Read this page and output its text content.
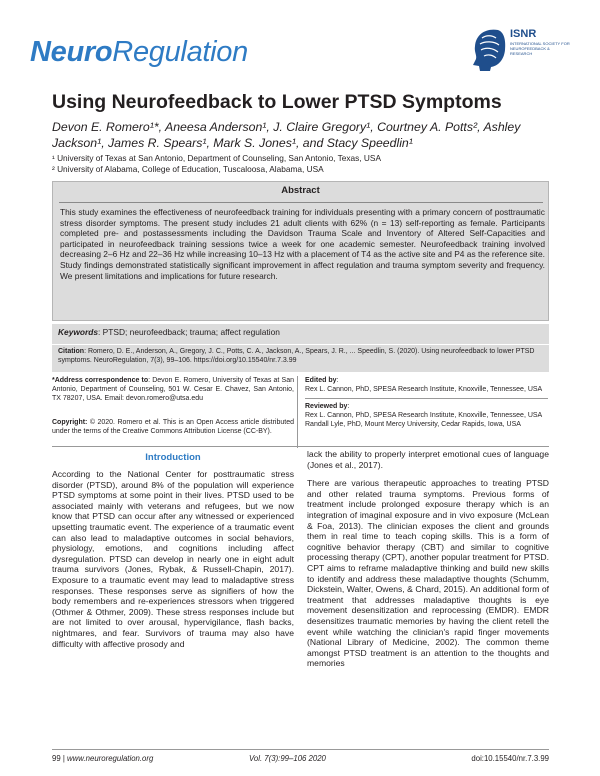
NeuroRegulation
ISNR
INTERNATIONAL SOCIETY FOR NEUROFEEDBACK & RESEARCH
Using Neurofeedback to Lower PTSD Symptoms
Devon E. Romero¹*, Aneesa Anderson¹, J. Claire Gregory¹, Courtney A. Potts², Ashley
Jackson¹, James R. Spears¹, Mark S. Jones¹, and Stacy Speedlin¹
¹ University of Texas at San Antonio, Department of Counseling, San Antonio, Texas, USA
² University of Alabama, College of Education, Tuscaloosa, Alabama, USA
Abstract
This study examines the effectiveness of neurofeedback training for individuals presenting with a primary concern of posttraumatic stress disorder symptoms. The present study includes 21 adult clients with 62% (n = 13) self-reporting as female. Participants completed pre- and postassessments including the Davidson Trauma Scale and Inventory of Altered Self-Capacities and participated in neurofeedback training sessions twice a week for one academic semester. Neurofeedback training involved decreasing 2–6 Hz and 22–36 Hz while increasing 10–13 Hz with a placement of T4 as the active site and P4 as the reference site. Study findings demonstrated statistically significant improvement in affect regulation and trauma symptom severity and frequency. We present limitations and implications for future research.
Keywords: PTSD; neurofeedback; trauma; affect regulation
Citation: Romero, D. E., Anderson, A., Gregory, J. C., Potts, C. A., Jackson, A., Spears, J. R., ... Speedlin, S. (2020). Using neurofeedback to lower PTSD symptoms. NeuroRegulation, 7(3), 99–106. https://doi.org/10.15540/nr.7.3.99
*Address correspondence to: Devon E. Romero, University of Texas at San Antonio, Department of Counseling, 501 W. Cesar E. Chavez, San Antonio, TX 78207, USA. Email: devon.romero@utsa.edu
Copyright: © 2020. Romero et al. This is an Open Access article distributed under the terms of the Creative Commons Attribution License (CC-BY).
Edited by:
Rex L. Cannon, PhD, SPESA Research Institute, Knoxville, Tennessee, USA
Reviewed by:
Rex L. Cannon, PhD, SPESA Research Institute, Knoxville, Tennessee, USA
Randall Lyle, PhD, Mount Mercy University, Cedar Rapids, Iowa, USA
Introduction

According to the National Center for posttraumatic stress disorder (PTSD), around 8% of the population will experience PTSD symptoms at some point in their lives. PTSD used to be associated mainly with veterans and refugees, but we now know that PTSD can occur after any witnessed or experienced upsetting traumatic event. The experience of a traumatic event can also lead to maladaptive outcomes in social behaviors, physiology, emotions, and cognitions including affect dysregulation. PTSD can develop in nearly one in eight adult trauma survivors (Jones, Rybak, & Russell-Chapin, 2017). Exposure to a traumatic event may lead to maladaptive stress responses. These responses serve as signifiers of how the body remembers and re-experiences stressors when triggered (Othmer & Othmer, 2009). These stress responses include but are not limited to over arousal, hypervigilance, flash backs, nightmares, and fear. Survivors of trauma may also have difficulty with affective prosody and

lack the ability to properly interpret emotional cues of language (Jones et al., 2017).

There are various therapeutic approaches to treating PTSD and other related trauma symptoms. Previous forms of treatment include prolonged exposure therapy which is an integration of imaginal exposure and in vivo exposure (McLean & Foa, 2013). The clinician exposes the client and grounds them in real time to teach coping skills. This is a form of cognitive behavior therapy (CBT) and similar to cognitive processing therapy (CPT), another popular treatment for PTSD. CPT aims to reframe maladaptive thinking and build new skills to identify and address these maladaptive thoughts (Schumm, Dickstein, Walter, Owens, & Chard, 2015). An additional form of treatment that addresses maladaptive thoughts is eye movement desensitization and reprocessing (EMDR). EMDR desensitizes traumatic memories by having the client retell the event while watching the clinician's rapid finger movements (National Library of Medicine, 2002). The common theme amongst PTSD treatment is an attention to the thoughts and memories

99 | www.neuroregulation.org	Vol. 7(3):99–106 2020	doi:10.15540/nr.7.3.99
